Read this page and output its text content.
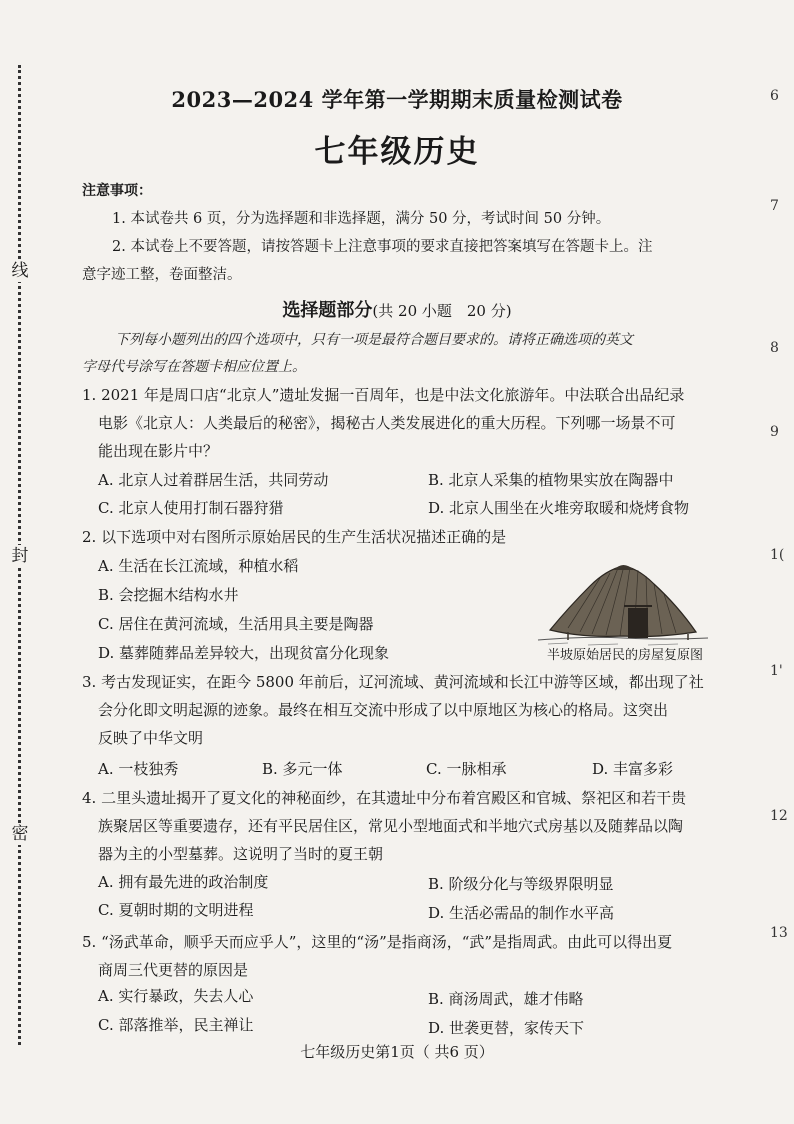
线
封
密
6
7
8
9
1(
1'
12
13
2023—2024 学年第一学期期末质量检测试卷
七年级历史
注意事项：
1. 本试卷共 6 页，分为选择题和非选择题，满分 50 分，考试时间 50 分钟。
2. 本试卷上不要答题，请按答题卡上注意事项的要求直接把答案填写在答题卡上。注
意字迹工整，卷面整洁。
选择题部分(共 20 小题　20 分)
下列每小题列出的四个选项中，只有一项是最符合题目要求的。请将正确选项的英文
字母代号涂写在答题卡相应位置上。
1. 2021 年是周口店“北京人”遗址发掘一百周年，也是中法文化旅游年。中法联合出品纪录
电影《北京人：人类最后的秘密》，揭秘古人类发展进化的重大历程。下列哪一场景不可
能出现在影片中？
A. 北京人过着群居生活，共同劳动	B. 北京人采集的植物果实放在陶器中
C. 北京人使用打制石器狩猎	D. 北京人围坐在火堆旁取暖和烧烤食物
2. 以下选项中对右图所示原始居民的生产生活状况描述正确的是
A. 生活在长江流域，种植水稻
B. 会挖掘木结构水井
C. 居住在黄河流域，生活用具主要是陶器
D. 墓葬随葬品差异较大，出现贫富分化现象	半坡原始居民的房屋复原图
3. 考古发现证实，在距今 5800 年前后，辽河流域、黄河流域和长江中游等区域，都出现了社
会分化即文明起源的迹象。最终在相互交流中形成了以中原地区为核心的格局。这突出
反映了中华文明
A. 一枝独秀	B. 多元一体	C. 一脉相承	D. 丰富多彩
4. 二里头遗址揭开了夏文化的神秘面纱，在其遗址中分布着宫殿区和官城、祭祀区和若干贵
族聚居区等重要遗存，还有平民居住区，常见小型地面式和半地穴式房基以及随葬品以陶
器为主的小型墓葬。这说明了当时的夏王朝
A. 拥有最先进的政治制度	B. 阶级分化与等级界限明显
C. 夏朝时期的文明进程	D. 生活必需品的制作水平高
5. “汤武革命，顺乎天而应乎人”，这里的“汤”是指商汤，“武”是指周武。由此可以得出夏
商周三代更替的原因是
A. 实行暴政，失去人心	B. 商汤周武，雄才伟略
C. 部落推举，民主禅让	D. 世袭更替，家传天下
七年级历史第1页（ 共6 页）
